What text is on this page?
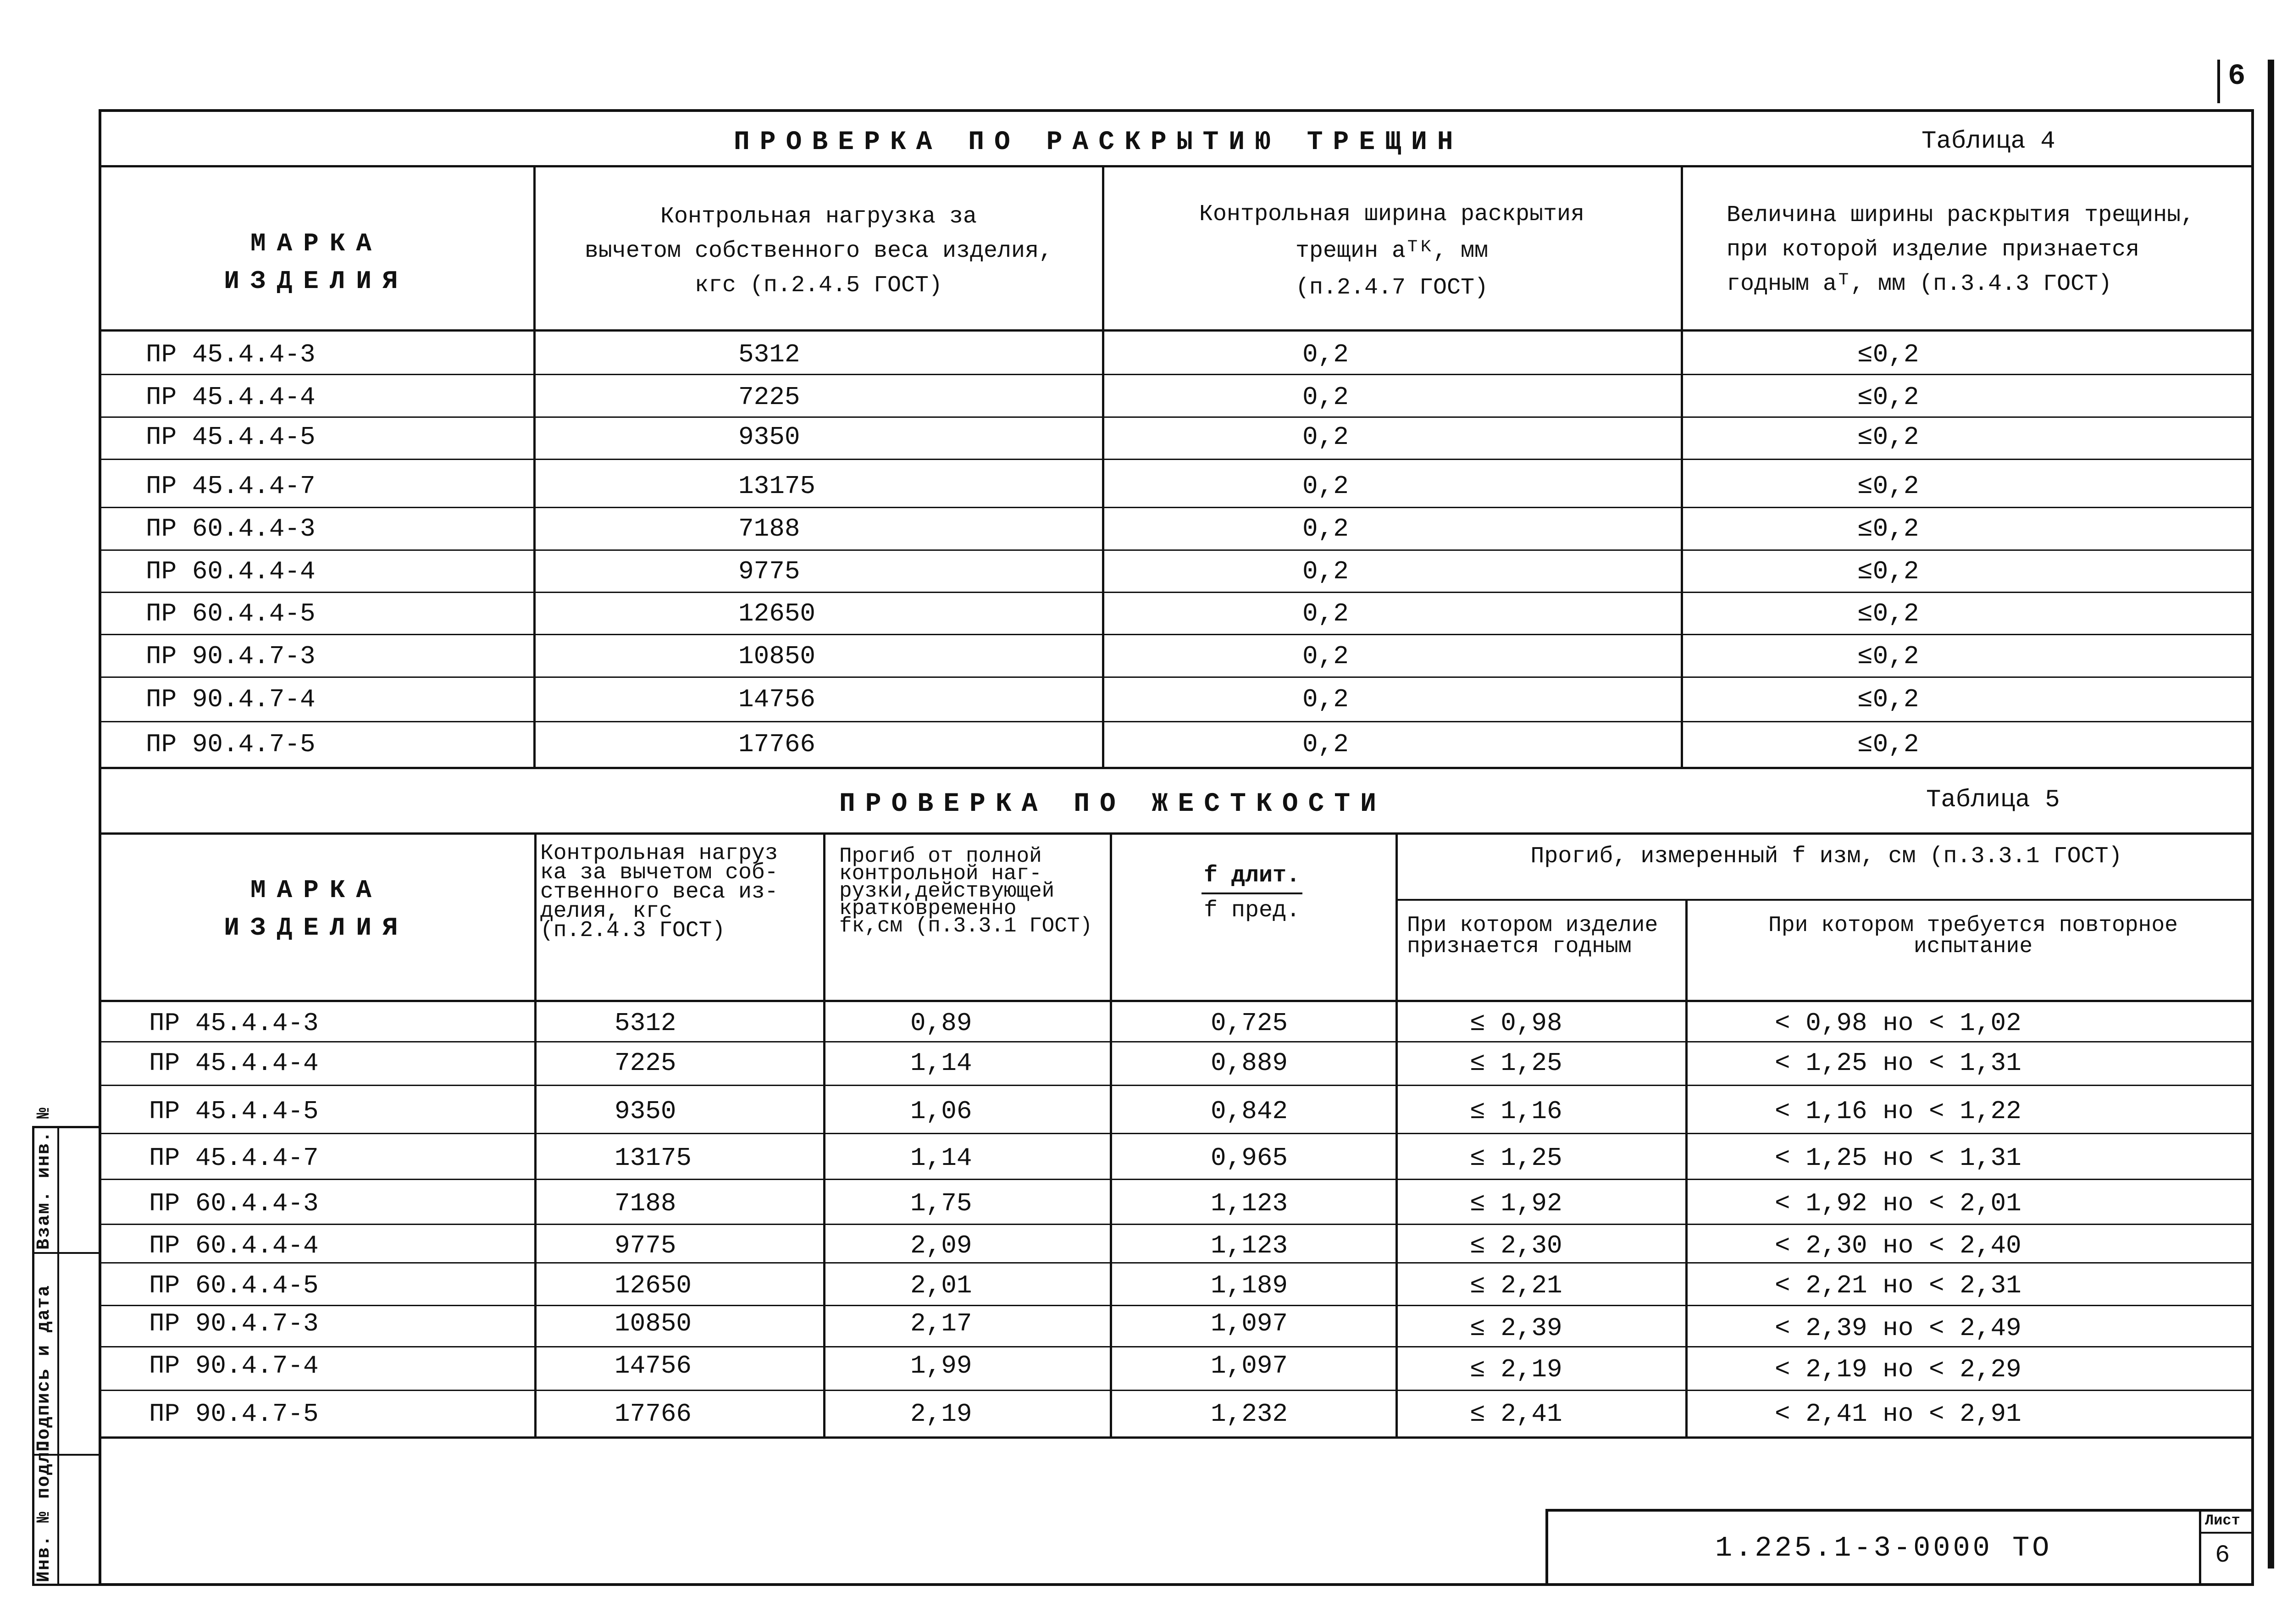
6
Взам. инв. №
Подпись и дата
Инв. № подл.
ПРОВЕРКА ПО РАСКРЫТИЮ ТРЕЩИН	Таблица 4
МАРКА
ИЗДЕЛИЯ
Контрольная нагрузка за
вычетом собственного веса изделия,
кгс (п.2.4.5 ГОСТ)
Контрольная ширина раскрытия
трещин aᵀᴷ, мм
(п.2.4.7 ГОСТ)
Величина ширины раскрытия трещины,
при которой изделие признается
годным aᵀ, мм (п.3.4.3 ГОСТ)
ПР 45.4.4-3	5312	0,2	≤0,2
ПР 45.4.4-4	7225	0,2	≤0,2
ПР 45.4.4-5	9350	0,2	≤0,2
ПР 45.4.4-7	13175	0,2	≤0,2
ПР 60.4.4-3	7188	0,2	≤0,2
ПР 60.4.4-4	9775	0,2	≤0,2
ПР 60.4.4-5	12650	0,2	≤0,2
ПР 90.4.7-3	10850	0,2	≤0,2
ПР 90.4.7-4	14756	0,2	≤0,2
ПР 90.4.7-5	17766	0,2	≤0,2
ПРОВЕРКА ПО ЖЕСТКОСТИ	Таблица 5
МАРКА
ИЗДЕЛИЯ
Контрольная нагруз
ка за вычетом соб-
ственного веса из-
делия, кгс
(п.2.4.3 ГОСТ)
Прогиб от полной
контрольной наг-
рузки,действующей
кратковременно
fк,см (п.3.3.1 ГОСТ)
f длит.
f пред.
Прогиб, измеренный f изм, см (п.3.3.1 ГОСТ)
При котором изделие
признается годным
При котором требуется повторное
испытание
ПР 45.4.4-3	5312	0,89	0,725	≤ 0,98	< 0,98 но < 1,02
ПР 45.4.4-4	7225	1,14	0,889	≤ 1,25	< 1,25 но < 1,31
ПР 45.4.4-5	9350	1,06	0,842	≤ 1,16	< 1,16 но < 1,22
ПР 45.4.4-7	13175	1,14	0,965	≤ 1,25	< 1,25 но < 1,31
ПР 60.4.4-3	7188	1,75	1,123	≤ 1,92	< 1,92 но < 2,01
ПР 60.4.4-4	9775	2,09	1,123	≤ 2,30	< 2,30 но < 2,40
ПР 60.4.4-5	12650	2,01	1,189	≤ 2,21	< 2,21 но < 2,31
ПР 90.4.7-3	10850	2,17	1,097	≤ 2,39	< 2,39 но < 2,49
ПР 90.4.7-4	14756	1,99	1,097	≤ 2,19	< 2,19 но < 2,29
ПР 90.4.7-5	17766	2,19	1,232	≤ 2,41	< 2,41 но < 2,91
1.225.1-3-0000 ТО
Лист
6
